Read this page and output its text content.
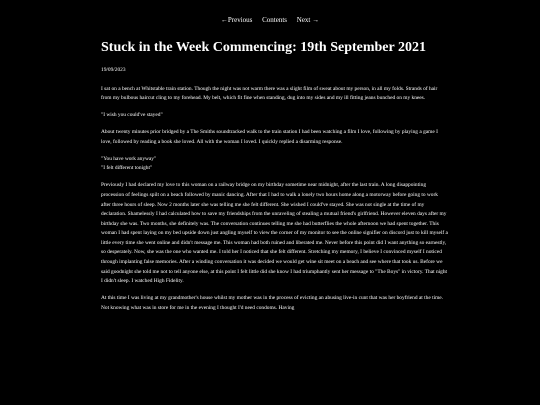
←Previous Contents Next →
Stuck in the Week Commencing: 19th September 2021

19/09/2023

I sat on a bench at Whitstable train station. Though the night was not warm there was a slight film of sweat about my person, in all my folds. Strands of hair from my bulbous haircut cling to my forehead. My belt, which fit fine when standing, dug into my sides and my ill fitting jeans bunched on my knees.

"I wish you could've stayed"

About twenty minutes prior bridged by a The Smiths soundtracked walk to the train station I had been watching a film I love, following by playing a game I love, followed by reading a book she loved. All with the woman I loved. I quickly replied a disarming response.

"You have work anyway"

"I felt different tonight"

Previously I had declared my love to this woman on a railway bridge on my birthday sometime near midnight, after the last train. A long disappointing procession of feelings spilt on a beach followed by manic dancing. After that I had to walk a lonely two hours home along a motorway before going to work after three hours of sleep. Now 2 months later she was telling me she felt different. She wished I could've stayed. She was not single at the time of my declaration. Shamelessly I had calculated how to save my friendships from the unraveling of stealing a mutual friend's girlfriend. However eleven days after my birthday she was. Two months, she definitely was. The conversation continues telling me she had butterflies the whole afternoon we had spent together. This woman I had spent laying on my bed upside down just angling myself to view the corner of my monitor to see the online signifier on discord just to kill myself a little every time she went online and didn't message me. This woman had both ruined and liberated me. Never before this point did I want anything so earnestly, so desperately. Now, she was the one who wanted me. I told her I noticed that she felt different. Stretching my memory, I believe I convinced myself I noticed through implanting false memories. After a winding conversation it was decided we would get wine sit meet on a beach and see where that took us. Before we said goodnight she told me not to tell anyone else, at this point I felt little did she know I had triumphantly sent her message to "The Boys" in victory. That night I didn't sleep. I watched High Fidelity.

At this time I was living at my grandmother's house whilst my mother was in the process of evicting an abusing live-in cunt that was her boyfriend at the time. Not knowing what was in store for me in the evening I thought I'd need condoms. Having
